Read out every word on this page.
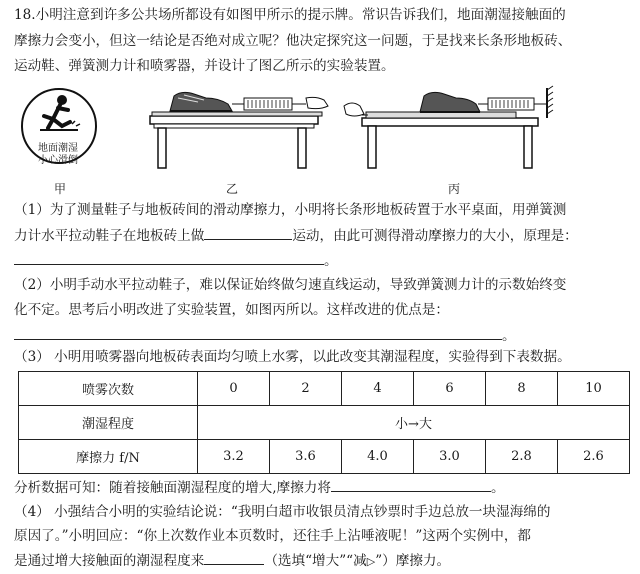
18.小明注意到许多公共场所都设有如图甲所示的提示牌。常识告诉我们，地面潮湿接触面的
摩擦力会变小，但这一结论是否绝对成立呢？他决定探究这一问题，于是找来长条形地板砖、
运动鞋、弹簧测力计和喷雾器，并设计了图乙所示的实验装置。
地面潮湿
小心滑倒
甲	乙	丙
（1）为了测量鞋子与地板砖间的滑动摩擦力，小明将长条形地板砖置于水平桌面，用弹簧测
力计水平拉动鞋子在地板砖上做	运动，由此可测得滑动摩擦力的大小，原理是：
。
（2）小明手动水平拉动鞋子，难以保证始终做匀速直线运动，导致弹簧测力计的示数始终变
化不定。思考后小明改进了实验装置，如图丙所以。这样改进的优点是：
。
（3） 小明用喷雾器向地板砖表面均匀喷上水雾，以此改变其潮湿程度，实验得到下表数据。
喷雾次数	0	2	4	6	8	10
潮湿程度	小→大					
摩擦力 f/N	3.2	3.6	4.0	3.0	2.8	2.6
分析数据可知：随着接触面潮湿程度的增大,摩擦力将	。
（4） 小强结合小明的实验结论说：“我明白超市收银员清点钞票时手边总放一块湿海绵的
原因了。”小明回应：“你上次数作业本页数时，还往手上沾唾液呢！”这两个实例中，都
是通过增大接触面的潮湿程度来	（选填“增大”“减▷”）摩擦力。
